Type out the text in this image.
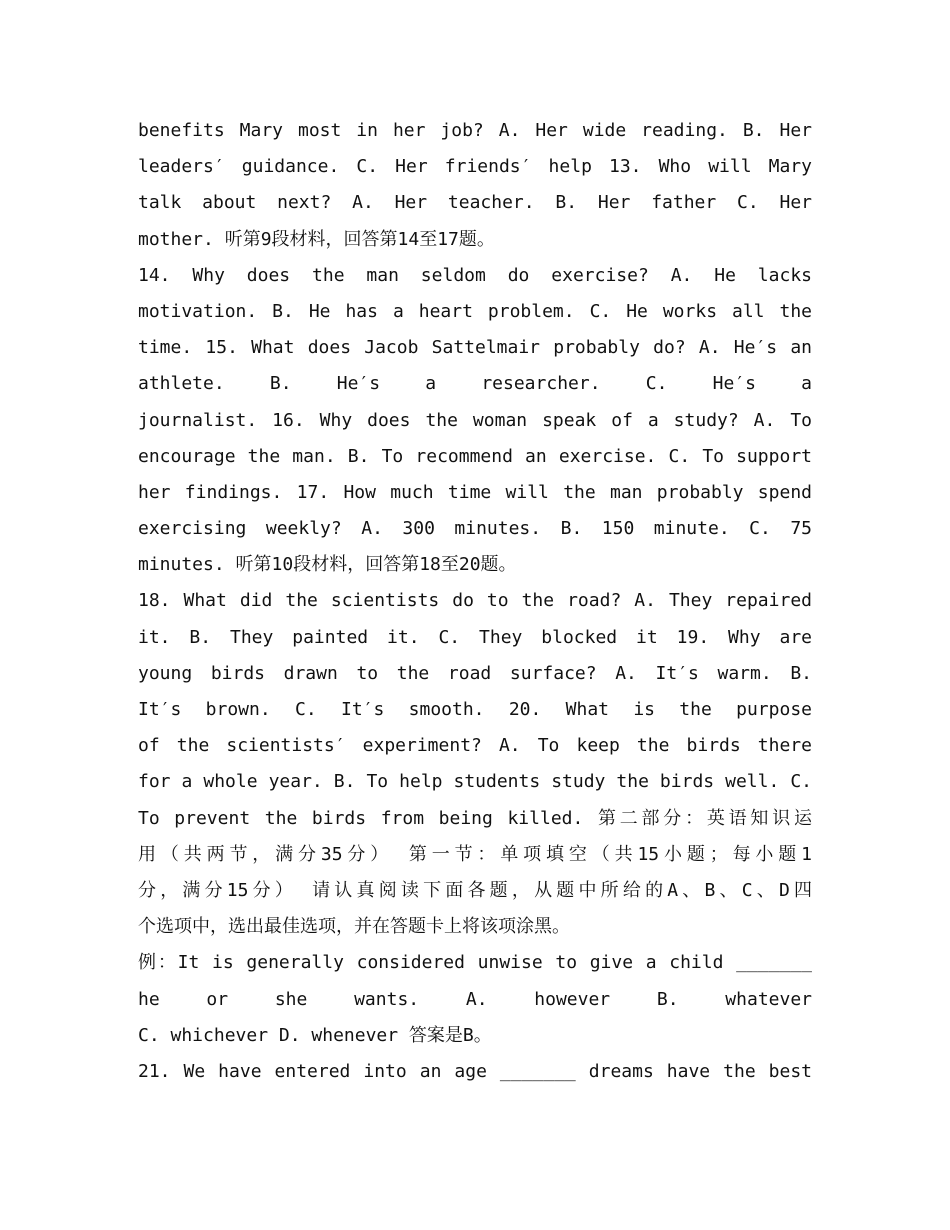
benefits Mary most in her job? A. Her wide reading. B. Her
leaders′ guidance. C. Her friends′ help 13. Who will Mary
talk about next? A. Her teacher. B. Her father C. Her
mother. 听第9段材料，回答第14至17题。
14. Why does the man seldom do exercise? A. He lacks
motivation. B. He has a heart problem. C. He works all the
time. 15. What does Jacob Sattelmair probably do? A. He′s an
athlete. B. He′s a researcher. C. He′s a
journalist. 16. Why does the woman speak of a study? A. To
encourage the man. B. To recommend an exercise. C. To support
her findings. 17. How much time will the man probably spend
exercising weekly? A. 300 minutes. B. 150 minute. C. 75
minutes. 听第10段材料，回答第18至20题。
18. What did the scientists do to the road? A. They repaired
it. B. They painted it. C. They blocked it 19. Why are
young birds drawn to the road surface? A. It′s warm. B.
It′s brown. C. It′s smooth. 20. What is the purpose
of the scientists′ experiment? A. To keep the birds there
for a whole year. B. To help students study the birds well. C.
To prevent the birds from being killed. 第二部分：英语知识运
用（共两节，满分35分） 第一节：单项填空（共15小题；每小题1
分，满分15分） 请认真阅读下面各题，从题中所给的A、B、C、D四
个选项中，选出最佳选项，并在答题卡上将该项涂黑。
例：It is generally considered unwise to give a child _______
he or she wants. A. however B. whatever
C. whichever D. whenever 答案是B。
21. We have entered into an age _______ dreams have the best
